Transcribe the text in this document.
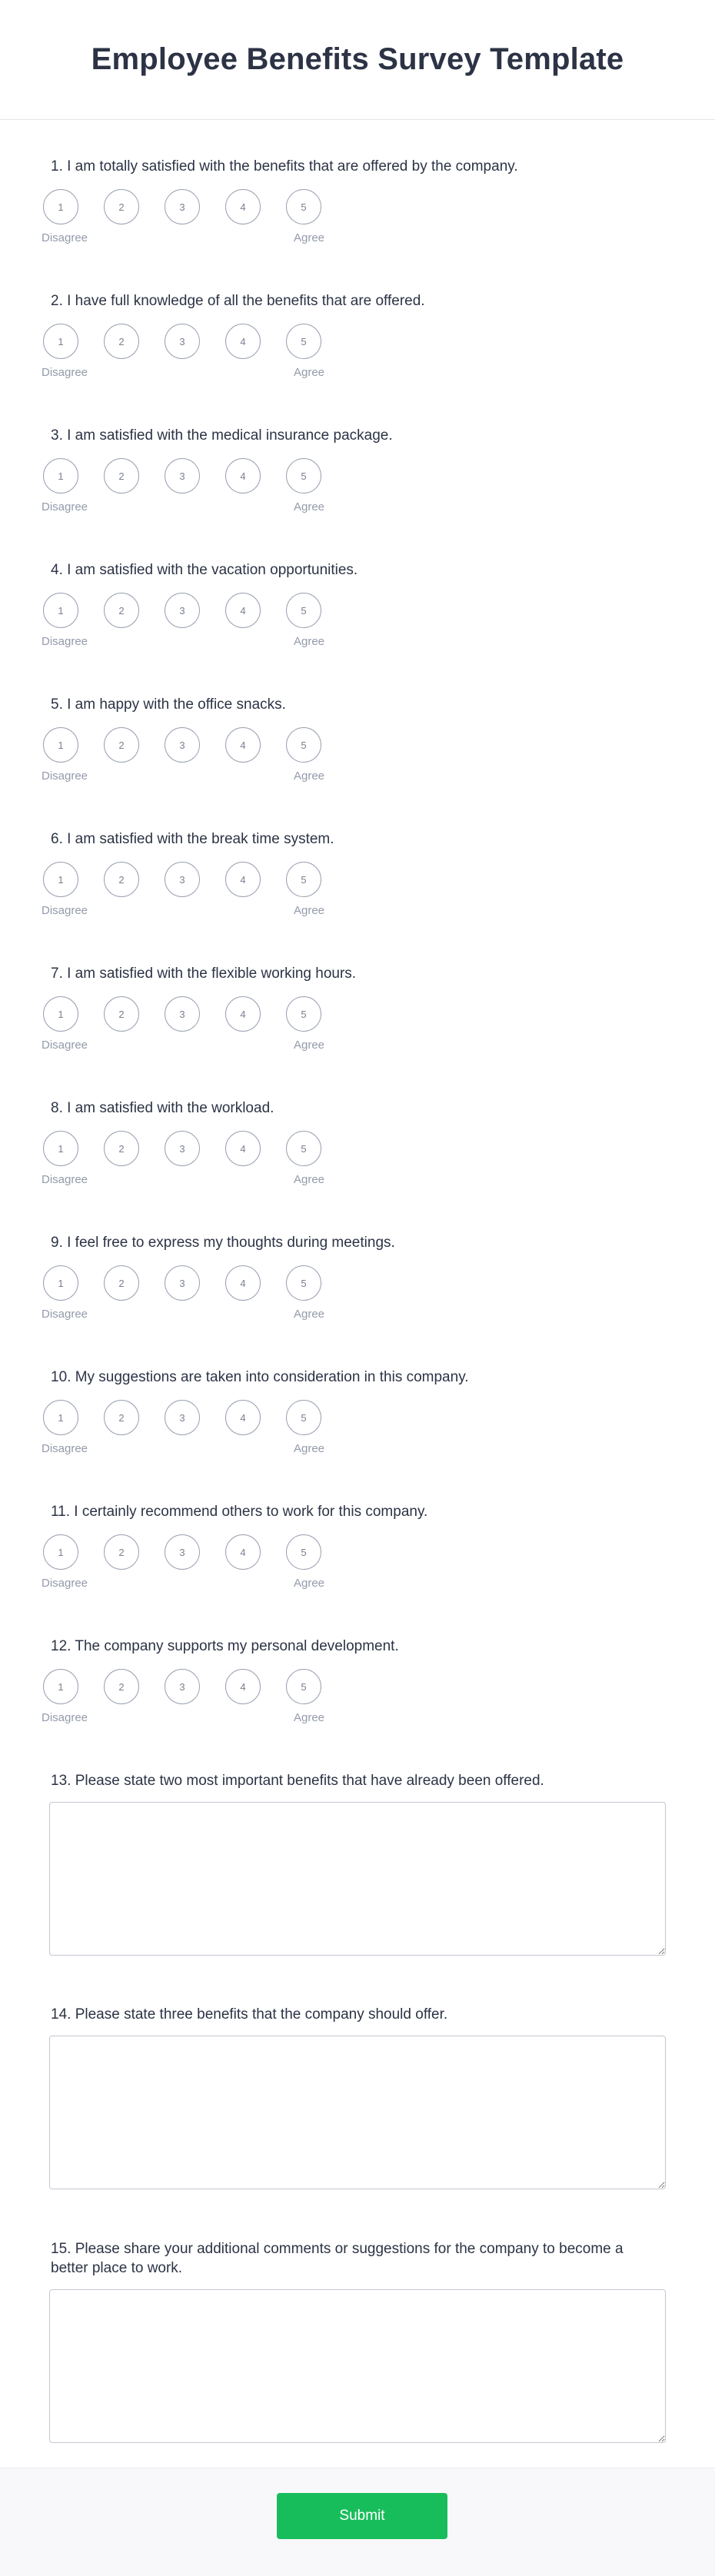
Employee Benefits Survey Template
1. I am totally satisfied with the benefits that are offered by the company.
1	2	3	4	5
Disagree	Agree
2. I have full knowledge of all the benefits that are offered.
1	2	3	4	5
Disagree	Agree
3. I am satisfied with the medical insurance package.
1	2	3	4	5
Disagree	Agree
4. I am satisfied with the vacation opportunities.
1	2	3	4	5
Disagree	Agree
5. I am happy with the office snacks.
1	2	3	4	5
Disagree	Agree
6. I am satisfied with the break time system.
1	2	3	4	5
Disagree	Agree
7. I am satisfied with the flexible working hours.
1	2	3	4	5
Disagree	Agree
8. I am satisfied with the workload.
1	2	3	4	5
Disagree	Agree
9. I feel free to express my thoughts during meetings.
1	2	3	4	5
Disagree	Agree
10. My suggestions are taken into consideration in this company.
1	2	3	4	5
Disagree	Agree
11. I certainly recommend others to work for this company.
1	2	3	4	5
Disagree	Agree
12. The company supports my personal development.
1	2	3	4	5
Disagree	Agree
13. Please state two most important benefits that have already been offered.
14. Please state three benefits that the company should offer.
15. Please share your additional comments or suggestions for the company to become a better place to work.
Submit
